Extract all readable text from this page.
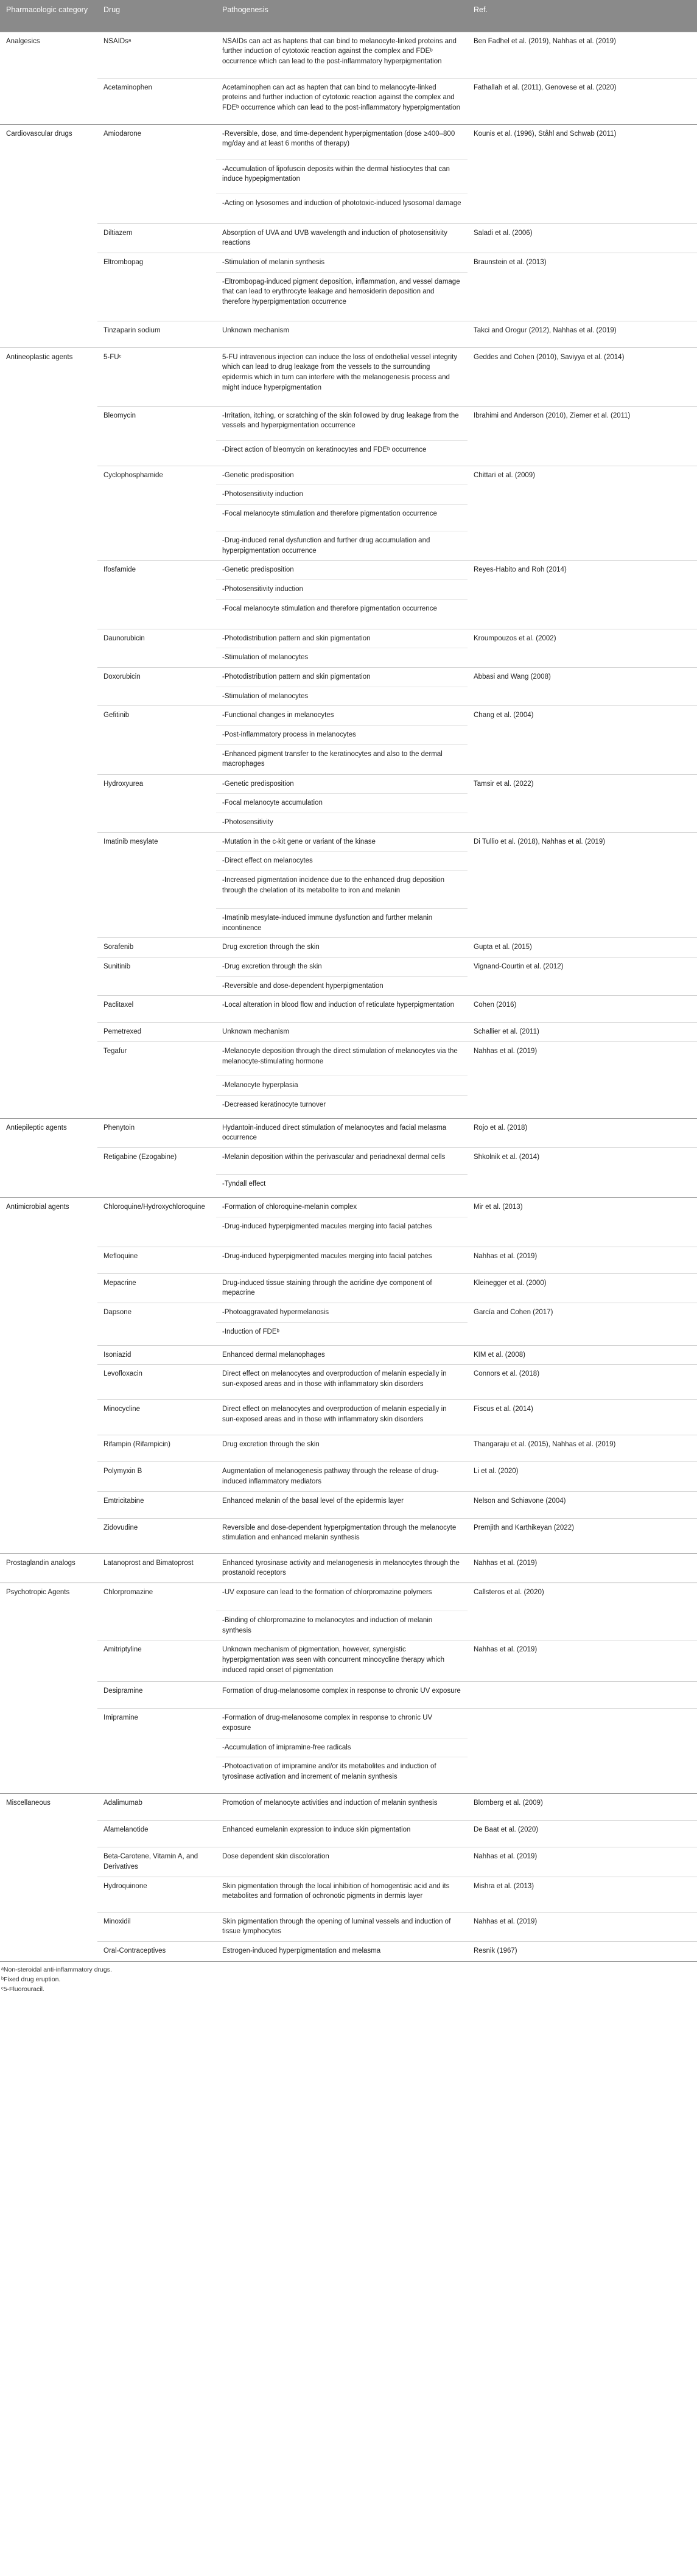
Pharmacologic category	Drug	Pathogenesis	Ref.
Analgesics	NSAIDsᵃ	NSAIDs can act as haptens that can bind to melanocyte-linked proteins and further induction of cytotoxic reaction against the complex and FDEᵇ occurrence which can lead to the post-inflammatory hyperpigmentation	Ben Fadhel et al. (2019), Nahhas et al. (2019)
	Acetaminophen	Acetaminophen can act as hapten that can bind to melanocyte-linked proteins and further induction of cytotoxic reaction against the complex and FDEᵇ occurrence which can lead to the post-inflammatory hyperpigmentation	Fathallah et al. (2011), Genovese et al. (2020)
Cardiovascular drugs	Amiodarone	-Reversible, dose, and time-dependent hyperpigmentation (dose ≥400–800 mg/day and at least 6 months of therapy)	Kounis et al. (1996), Ståhl and Schwab (2011)
		-Accumulation of lipofuscin deposits within the dermal histiocytes that can induce hypepigmentation	
		-Acting on lysosomes and induction of phototoxic-induced lysosomal damage	
	Diltiazem	Absorption of UVA and UVB wavelength and induction of photosensitivity reactions	Saladi et al. (2006)
	Eltrombopag	-Stimulation of melanin synthesis	Braunstein et al. (2013)
		-Eltrombopag-induced pigment deposition, inflammation, and vessel damage that can lead to erythrocyte leakage and hemosiderin deposition and therefore hyperpigmentation occurrence	
	Tinzaparin sodium	Unknown mechanism	Takci and Orogur (2012), Nahhas et al. (2019)
Antineoplastic agents	5-FUᶜ	5-FU intravenous injection can induce the loss of endothelial vessel integrity which can lead to drug leakage from the vessels to the surrounding epidermis which in turn can interfere with the melanogenesis process and might induce hyperpigmentation	Geddes and Cohen (2010), Saviyya et al. (2014)
	Bleomycin	-Irritation, itching, or scratching of the skin followed by drug leakage from the vessels and hyperpigmentation occurrence	Ibrahimi and Anderson (2010), Ziemer et al. (2011)
		-Direct action of bleomycin on keratinocytes and FDEᵇ occurrence	
	Cyclophosphamide	-Genetic predisposition	Chittari et al. (2009)
		-Photosensitivity induction	
		-Focal melanocyte stimulation and therefore pigmentation occurrence	
		-Drug-induced renal dysfunction and further drug accumulation and hyperpigmentation occurrence	
	Ifosfamide	-Genetic predisposition	Reyes-Habito and Roh (2014)
		-Photosensitivity induction	
		-Focal melanocyte stimulation and therefore pigmentation occurrence	
	Daunorubicin	-Photodistribution pattern and skin pigmentation	Kroumpouzos et al. (2002)
		-Stimulation of melanocytes	
	Doxorubicin	-Photodistribution pattern and skin pigmentation	Abbasi and Wang (2008)
		-Stimulation of melanocytes	
	Gefitinib	-Functional changes in melanocytes	Chang et al. (2004)
		-Post-inflammatory process in melanocytes	
		-Enhanced pigment transfer to the keratinocytes and also to the dermal macrophages	
	Hydroxyurea	-Genetic predisposition	Tamsir et al. (2022)
		-Focal melanocyte accumulation	
		-Photosensitivity	
	Imatinib mesylate	-Mutation in the c-kit gene or variant of the kinase	Di Tullio et al. (2018), Nahhas et al. (2019)
		-Direct effect on melanocytes	
		-Increased pigmentation incidence due to the enhanced drug deposition through the chelation of its metabolite to iron and melanin	
		-Imatinib mesylate-induced immune dysfunction and further melanin incontinence	
	Sorafenib	Drug excretion through the skin	Gupta et al. (2015)
	Sunitinib	-Drug excretion through the skin	Vignand-Courtin et al. (2012)
		-Reversible and dose-dependent hyperpigmentation	
	Paclitaxel	-Local alteration in blood flow and induction of reticulate hyperpigmentation	Cohen (2016)
	Pemetrexed	Unknown mechanism	Schallier et al. (2011)
	Tegafur	-Melanocyte deposition through the direct stimulation of melanocytes via the melanocyte-stimulating hormone	Nahhas et al. (2019)
		-Melanocyte hyperplasia	
		-Decreased keratinocyte turnover	
Antiepileptic agents	Phenytoin	Hydantoin-induced direct stimulation of melanocytes and facial melasma occurrence	Rojo et al. (2018)
	Retigabine (Ezogabine)	-Melanin deposition within the perivascular and periadnexal dermal cells	Shkolnik et al. (2014)
		-Tyndall effect	
Antimicrobial agents	Chloroquine/Hydroxychloroquine	-Formation of chloroquine-melanin complex	Mir et al. (2013)
		-Drug-induced hyperpigmented macules merging into facial patches	
	Mefloquine	-Drug-induced hyperpigmented macules merging into facial patches	Nahhas et al. (2019)
	Mepacrine	Drug-induced tissue staining through the acridine dye component of mepacrine	Kleinegger et al. (2000)
	Dapsone	-Photoaggravated hypermelanosis	García and Cohen (2017)
		-Induction of FDEᵇ	
	Isoniazid	Enhanced dermal melanophages	KIM et al. (2008)
	Levofloxacin	Direct effect on melanocytes and overproduction of melanin especially in sun-exposed areas and in those with inflammatory skin disorders	Connors et al. (2018)
	Minocycline	Direct effect on melanocytes and overproduction of melanin especially in sun-exposed areas and in those with inflammatory skin disorders	Fiscus et al. (2014)
	Rifampin (Rifampicin)	Drug excretion through the skin	Thangaraju et al. (2015), Nahhas et al. (2019)
	Polymyxin B	Augmentation of melanogenesis pathway through the release of drug-induced inflammatory mediators	Li et al. (2020)
	Emtricitabine	Enhanced melanin of the basal level of the epidermis layer	Nelson and Schiavone (2004)
	Zidovudine	Reversible and dose-dependent hyperpigmentation through the melanocyte stimulation and enhanced melanin synthesis	Premjith and Karthikeyan (2022)
Prostaglandin analogs	Latanoprost and Bimatoprost	Enhanced tyrosinase activity and melanogenesis in melanocytes through the prostanoid receptors	Nahhas et al. (2019)
Psychotropic Agents	Chlorpromazine	-UV exposure can lead to the formation of chlorpromazine polymers	Callsteros et al. (2020)
		-Binding of chlorpromazine to melanocytes and induction of melanin synthesis	
	Amitriptyline	Unknown mechanism of pigmentation, however, synergistic hyperpigmentation was seen with concurrent minocycline therapy which induced rapid onset of pigmentation	Nahhas et al. (2019)
	Desipramine	Formation of drug-melanosome complex in response to chronic UV exposure	
	Imipramine	-Formation of drug-melanosome complex in response to chronic UV exposure	
		-Accumulation of imipramine-free radicals	
		-Photoactivation of imipramine and/or its metabolites and induction of tyrosinase activation and increment of melanin synthesis	
Miscellaneous	Adalimumab	Promotion of melanocyte activities and induction of melanin synthesis	Blomberg et al. (2009)
	Afamelanotide	Enhanced eumelanin expression to induce skin pigmentation	De Baat et al. (2020)
	Beta-Carotene, Vitamin A, and Derivatives	Dose dependent skin discoloration	Nahhas et al. (2019)
	Hydroquinone	Skin pigmentation through the local inhibition of homogentisic acid and its metabolites and formation of ochronotic pigments in dermis layer	Mishra et al. (2013)
	Minoxidil	Skin pigmentation through the opening of luminal vessels and induction of tissue lymphocytes	Nahhas et al. (2019)
	Oral-Contraceptives	Estrogen-induced hyperpigmentation and melasma	Resnik (1967)
ᵃNon-steroidal anti-inflammatory drugs.
ᵇFixed drug eruption.
ᶜ5-Fluorouracil.
